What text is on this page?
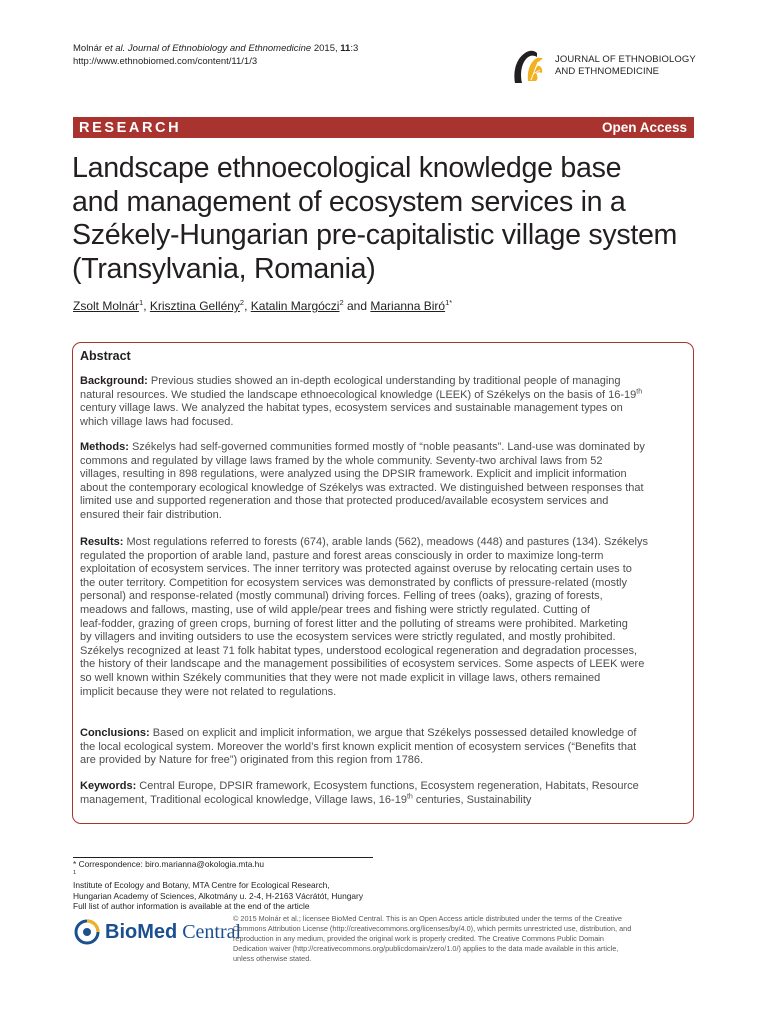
Molnár et al. Journal of Ethnobiology and Ethnomedicine 2015, 11:3
http://www.ethnobiomed.com/content/11/1/3	JOURNAL OF ETHNOBIOLOGY
AND ETHNOMEDICINE
RESEARCH	Open Access
Landscape ethnoecological knowledge base
and management of ecosystem services in a
Székely-Hungarian pre-capitalistic village system
(Transylvania, Romania)
Zsolt Molnár$^1$, Krisztina Gellény$^2$, Katalin Margóczi$^2$ and Marianna Biró$^{1*}$
Abstract
Background: Previous studies showed an in-depth ecological understanding by traditional people of managing
natural resources. We studied the landscape ethnoecological knowledge (LEEK) of Székelys on the basis of 16-19th
century village laws. We analyzed the habitat types, ecosystem services and sustainable management types on
which village laws had focused.
Methods: Székelys had self-governed communities formed mostly of “noble peasants”. Land-use was dominated by
commons and regulated by village laws framed by the whole community. Seventy-two archival laws from 52
villages, resulting in 898 regulations, were analyzed using the DPSIR framework. Explicit and implicit information
about the contemporary ecological knowledge of Székelys was extracted. We distinguished between responses that
limited use and supported regeneration and those that protected produced/available ecosystem services and
ensured their fair distribution.
Results: Most regulations referred to forests (674), arable lands (562), meadows (448) and pastures (134). Székelys
regulated the proportion of arable land, pasture and forest areas consciously in order to maximize long-term
exploitation of ecosystem services. The inner territory was protected against overuse by relocating certain uses to
the outer territory. Competition for ecosystem services was demonstrated by conflicts of pressure-related (mostly
personal) and response-related (mostly communal) driving forces. Felling of trees (oaks), grazing of forests,
meadows and fallows, masting, use of wild apple/pear trees and fishing were strictly regulated. Cutting of
leaf-fodder, grazing of green crops, burning of forest litter and the polluting of streams were prohibited. Marketing
by villagers and inviting outsiders to use the ecosystem services were strictly regulated, and mostly prohibited.
Székelys recognized at least 71 folk habitat types, understood ecological regeneration and degradation processes,
the history of their landscape and the management possibilities of ecosystem services. Some aspects of LEEK were
so well known within Székely communities that they were not made explicit in village laws, others remained
implicit because they were not related to regulations.
Conclusions: Based on explicit and implicit information, we argue that Székelys possessed detailed knowledge of
the local ecological system. Moreover the world’s first known explicit mention of ecosystem services (“Benefits that
are provided by Nature for free”) originated from this region from 1786.
Keywords: Central Europe, DPSIR framework, Ecosystem functions, Ecosystem regeneration, Habitats, Resource
management, Traditional ecological knowledge, Village laws, 16-19th centuries, Sustainability
* Correspondence: biro.marianna@okologia.mta.hu
$^1$
Institute of Ecology and Botany, MTA Centre for Ecological Research,
Hungarian Academy of Sciences, Alkotmány u. 2-4, H-2163 Vácrátót, Hungary
Full list of author information is available at the end of the article
BioMed Central
© 2015 Molnár et al.; licensee BioMed Central. This is an Open Access article distributed under the terms of the Creative
Commons Attribution License (http://creativecommons.org/licenses/by/4.0), which permits unrestricted use, distribution, and
reproduction in any medium, provided the original work is properly credited. The Creative Commons Public Domain
Dedication waiver (http://creativecommons.org/publicdomain/zero/1.0/) applies to the data made available in this article,
unless otherwise stated.
